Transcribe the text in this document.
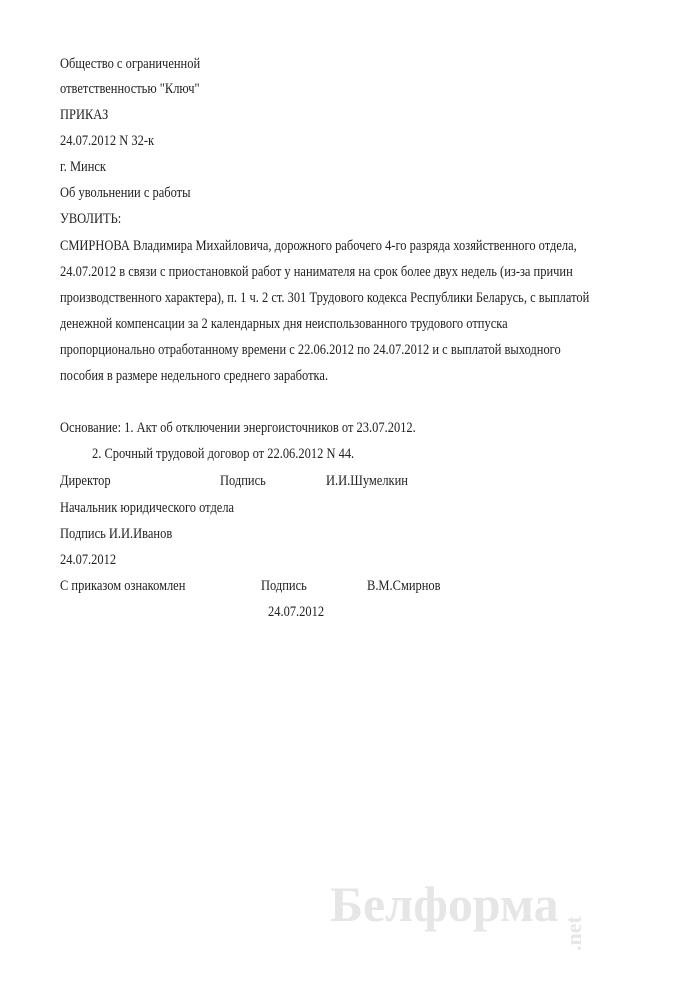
Общество с ограниченной
ответственностью "Ключ"
ПРИКАЗ
24.07.2012 N 32-к
г. Минск
Об увольнении с работы
УВОЛИТЬ:
СМИРНОВА Владимира Михайловича, дорожного рабочего 4-го разряда хозяйственного отдела,
24.07.2012 в связи с приостановкой работ у нанимателя на срок более двух недель (из-за причин
производственного характера), п. 1 ч. 2 ст. 301 Трудового кодекса Республики Беларусь, с выплатой
денежной компенсации за 2 календарных дня неиспользованного трудового отпуска
пропорционально отработанному времени с 22.06.2012 по 24.07.2012 и с выплатой выходного
пособия в размере недельного среднего заработка.
Основание: 1. Акт об отключении энергоисточников от 23.07.2012.
2. Срочный трудовой договор от 22.06.2012 N 44.
Директор	Подпись	И.И.Шумелкин
Начальник юридического отдела
Подпись И.И.Иванов
24.07.2012
С приказом ознакомлен	Подпись	В.М.Смирнов
24.07.2012
Белформа.net
